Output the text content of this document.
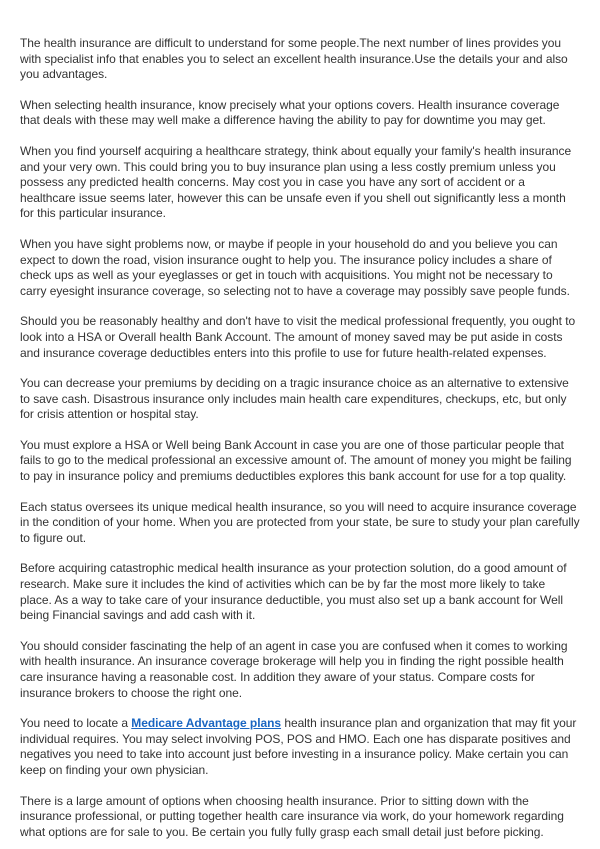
The health insurance are difficult to understand for some people.The next number of lines provides you with specialist info that enables you to select an excellent health insurance.Use the details your and also you advantages.

When selecting health insurance, know precisely what your options covers. Health insurance coverage that deals with these may well make a difference having the ability to pay for downtime you may get.

When you find yourself acquiring a healthcare strategy, think about equally your family's health insurance and your very own. This could bring you to buy insurance plan using a less costly premium unless you possess any predicted health concerns. May cost you in case you have any sort of accident or a healthcare issue seems later, however this can be unsafe even if you shell out significantly less a month for this particular insurance.

When you have sight problems now, or maybe if people in your household do and you believe you can expect to down the road, vision insurance ought to help you. The insurance policy includes a share of check ups as well as your eyeglasses or get in touch with acquisitions. You might not be necessary to carry eyesight insurance coverage, so selecting not to have a coverage may possibly save people funds.

Should you be reasonably healthy and don't have to visit the medical professional frequently, you ought to look into a HSA or Overall health Bank Account. The amount of money saved may be put aside in costs and insurance coverage deductibles enters into this profile to use for future health-related expenses.

You can decrease your premiums by deciding on a tragic insurance choice as an alternative to extensive to save cash. Disastrous insurance only includes main health care expenditures, checkups, etc, but only for crisis attention or hospital stay.

You must explore a HSA or Well being Bank Account in case you are one of those particular people that fails to go to the medical professional an excessive amount of. The amount of money you might be failing to pay in insurance policy and premiums deductibles explores this bank account for use for a top quality.

Each status oversees its unique medical health insurance, so you will need to acquire insurance coverage in the condition of your home. When you are protected from your state, be sure to study your plan carefully to figure out.

Before acquiring catastrophic medical health insurance as your protection solution, do a good amount of research. Make sure it includes the kind of activities which can be by far the most more likely to take place. As a way to take care of your insurance deductible, you must also set up a bank account for Well being Financial savings and add cash with it.

You should consider fascinating the help of an agent in case you are confused when it comes to working with health insurance. An insurance coverage brokerage will help you in finding the right possible health care insurance having a reasonable cost. In addition they aware of your status. Compare costs for insurance brokers to choose the right one.

You need to locate a Medicare Advantage plans health insurance plan and organization that may fit your individual requires. You may select involving POS, POS and HMO. Each one has disparate positives and negatives you need to take into account just before investing in a insurance policy. Make certain you can keep on finding your own physician.

There is a large amount of options when choosing health insurance. Prior to sitting down with the insurance professional, or putting together health care insurance via work, do your homework regarding what options are for sale to you. Be certain you fully fully grasp each small detail just before picking.
